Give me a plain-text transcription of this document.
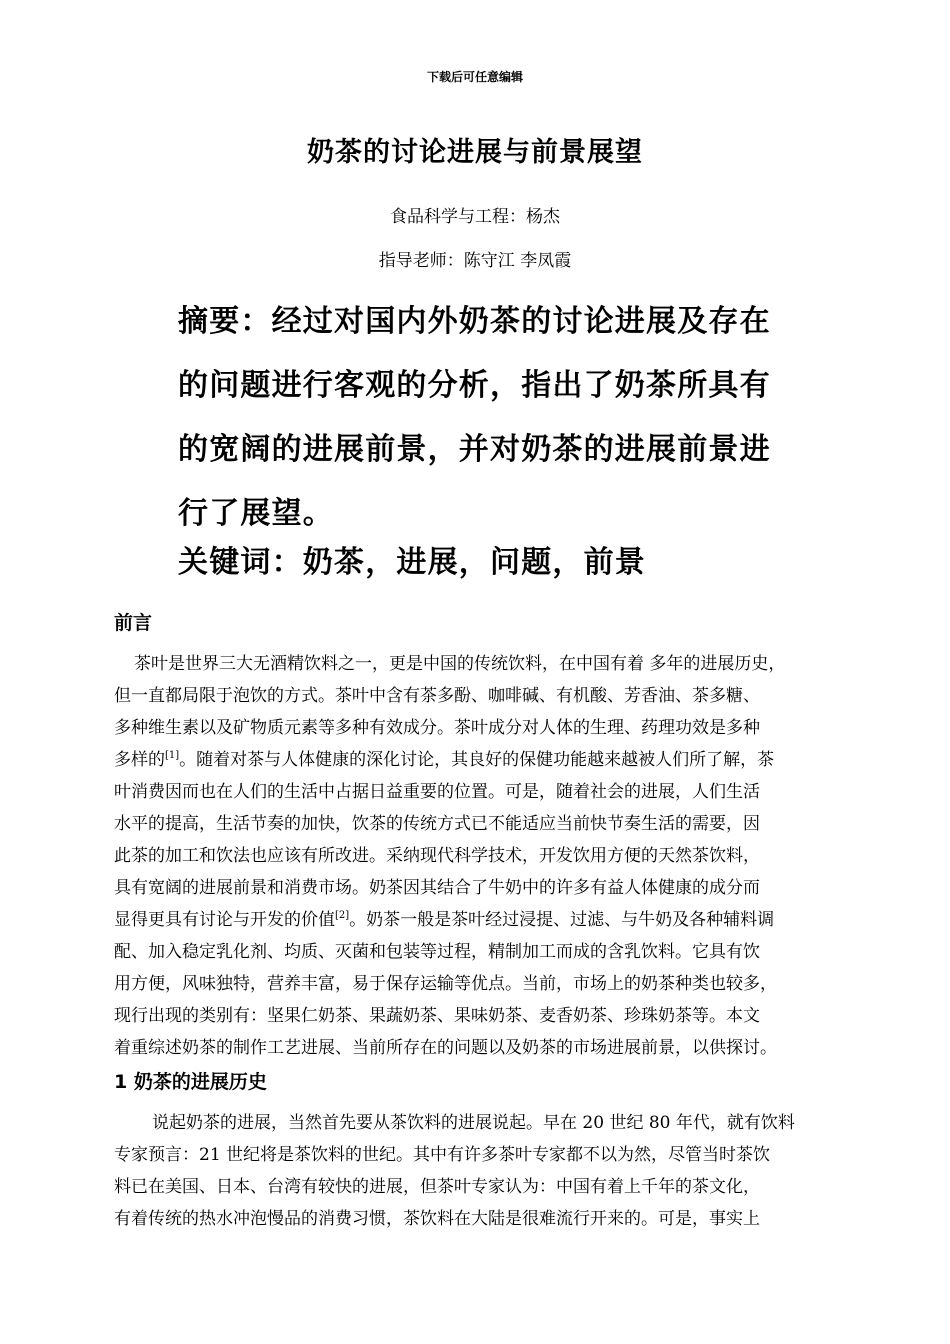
下载后可任意编辑
奶茶的讨论进展与前景展望
食品科学与工程：杨杰
指导老师：陈守江 李凤霞

摘要：经过对国内外奶茶的讨论进展及存在

的问题进行客观的分析，指出了奶茶所具有

的宽阔的进展前景，并对奶茶的进展前景进

行了展望。

关键词：奶茶，进展，问题，前景
前言
茶叶是世界三大无酒精饮料之一，更是中国的传统饮料，在中国有着 多年的进展历史，
但一直都局限于泡饮的方式。茶叶中含有茶多酚、咖啡碱、有机酸、芳香油、茶多糖、
多种维生素以及矿物质元素等多种有效成分。茶叶成分对人体的生理、药理功效是多种
多样的[1]。随着对茶与人体健康的深化讨论，其良好的保健功能越来越被人们所了解，茶
叶消费因而也在人们的生活中占据日益重要的位置。可是，随着社会的进展，人们生活
水平的提高，生活节奏的加快，饮茶的传统方式已不能适应当前快节奏生活的需要，因
此茶的加工和饮法也应该有所改进。采纳现代科学技术，开发饮用方便的天然茶饮料，
具有宽阔的进展前景和消费市场。奶茶因其结合了牛奶中的许多有益人体健康的成分而
显得更具有讨论与开发的价值[2]。奶茶一般是茶叶经过浸提、过滤、与牛奶及各种辅料调
配、加入稳定乳化剂、均质、灭菌和包装等过程，精制加工而成的含乳饮料。它具有饮
用方便，风味独特，营养丰富，易于保存运输等优点。当前，市场上的奶茶种类也较多，
现行出现的类别有：坚果仁奶茶、果蔬奶茶、果味奶茶、麦香奶茶、珍珠奶茶等。本文
着重综述奶茶的制作工艺进展、当前所存在的问题以及奶茶的市场进展前景，以供探讨。
1 奶茶的进展历史
说起奶茶的进展，当然首先要从茶饮料的进展说起。早在 20 世纪 80 年代，就有饮料
专家预言：21 世纪将是茶饮料的世纪。其中有许多茶叶专家都不以为然，尽管当时茶饮
料已在美国、日本、台湾有较快的进展，但茶叶专家认为：中国有着上千年的茶文化，
有着传统的热水冲泡慢品的消费习惯，茶饮料在大陆是很难流行开来的。可是，事实上
